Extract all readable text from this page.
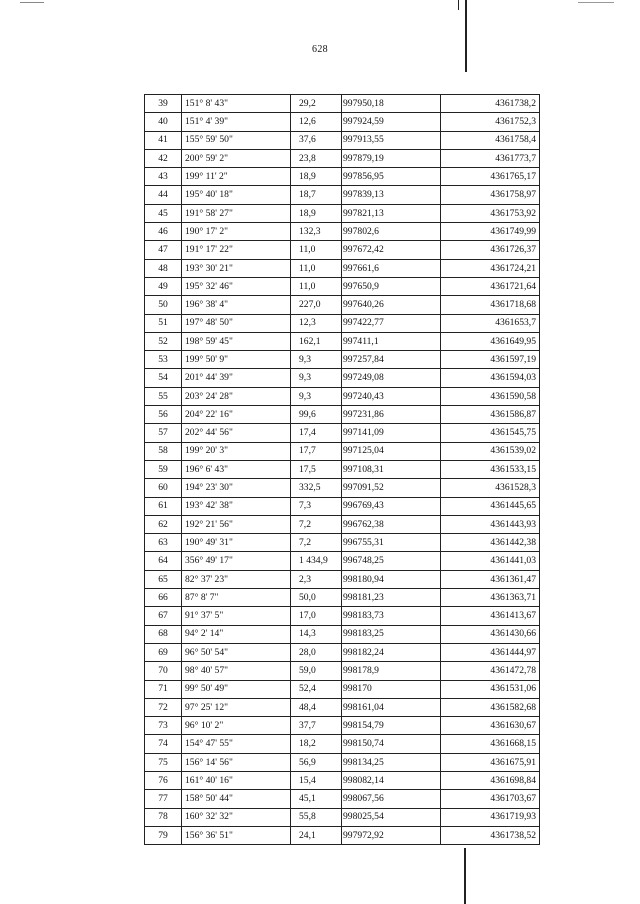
628
39	151° 8' 43"	29,2	997950,18	4361738,2
40	151° 4' 39"	12,6	997924,59	4361752,3
41	155° 59' 50"	37,6	997913,55	4361758,4
42	200° 59' 2"	23,8	997879,19	4361773,7
43	199° 11' 2"	18,9	997856,95	4361765,17
44	195° 40' 18"	18,7	997839,13	4361758,97
45	191° 58' 27"	18,9	997821,13	4361753,92
46	190° 17' 2"	132,3	997802,6	4361749,99
47	191° 17' 22"	11,0	997672,42	4361726,37
48	193° 30' 21"	11,0	997661,6	4361724,21
49	195° 32' 46"	11,0	997650,9	4361721,64
50	196° 38' 4"	227,0	997640,26	4361718,68
51	197° 48' 50"	12,3	997422,77	4361653,7
52	198° 59' 45"	162,1	997411,1	4361649,95
53	199° 50' 9"	9,3	997257,84	4361597,19
54	201° 44' 39"	9,3	997249,08	4361594,03
55	203° 24' 28"	9,3	997240,43	4361590,58
56	204° 22' 16"	99,6	997231,86	4361586,87
57	202° 44' 56"	17,4	997141,09	4361545,75
58	199° 20' 3"	17,7	997125,04	4361539,02
59	196° 6' 43"	17,5	997108,31	4361533,15
60	194° 23' 30"	332,5	997091,52	4361528,3
61	193° 42' 38"	7,3	996769,43	4361445,65
62	192° 21' 56"	7,2	996762,38	4361443,93
63	190° 49' 31"	7,2	996755,31	4361442,38
64	356° 49' 17"	1 434,9	996748,25	4361441,03
65	82° 37' 23"	2,3	998180,94	4361361,47
66	87° 8' 7"	50,0	998181,23	4361363,71
67	91° 37' 5"	17,0	998183,73	4361413,67
68	94° 2' 14"	14,3	998183,25	4361430,66
69	96° 50' 54"	28,0	998182,24	4361444,97
70	98° 40' 57"	59,0	998178,9	4361472,78
71	99° 50' 49"	52,4	998170	4361531,06
72	97° 25' 12"	48,4	998161,04	4361582,68
73	96° 10' 2"	37,7	998154,79	4361630,67
74	154° 47' 55"	18,2	998150,74	4361668,15
75	156° 14' 56"	56,9	998134,25	4361675,91
76	161° 40' 16"	15,4	998082,14	4361698,84
77	158° 50' 44"	45,1	998067,56	4361703,67
78	160° 32' 32"	55,8	998025,54	4361719,93
79	156° 36' 51"	24,1	997972,92	4361738,52
